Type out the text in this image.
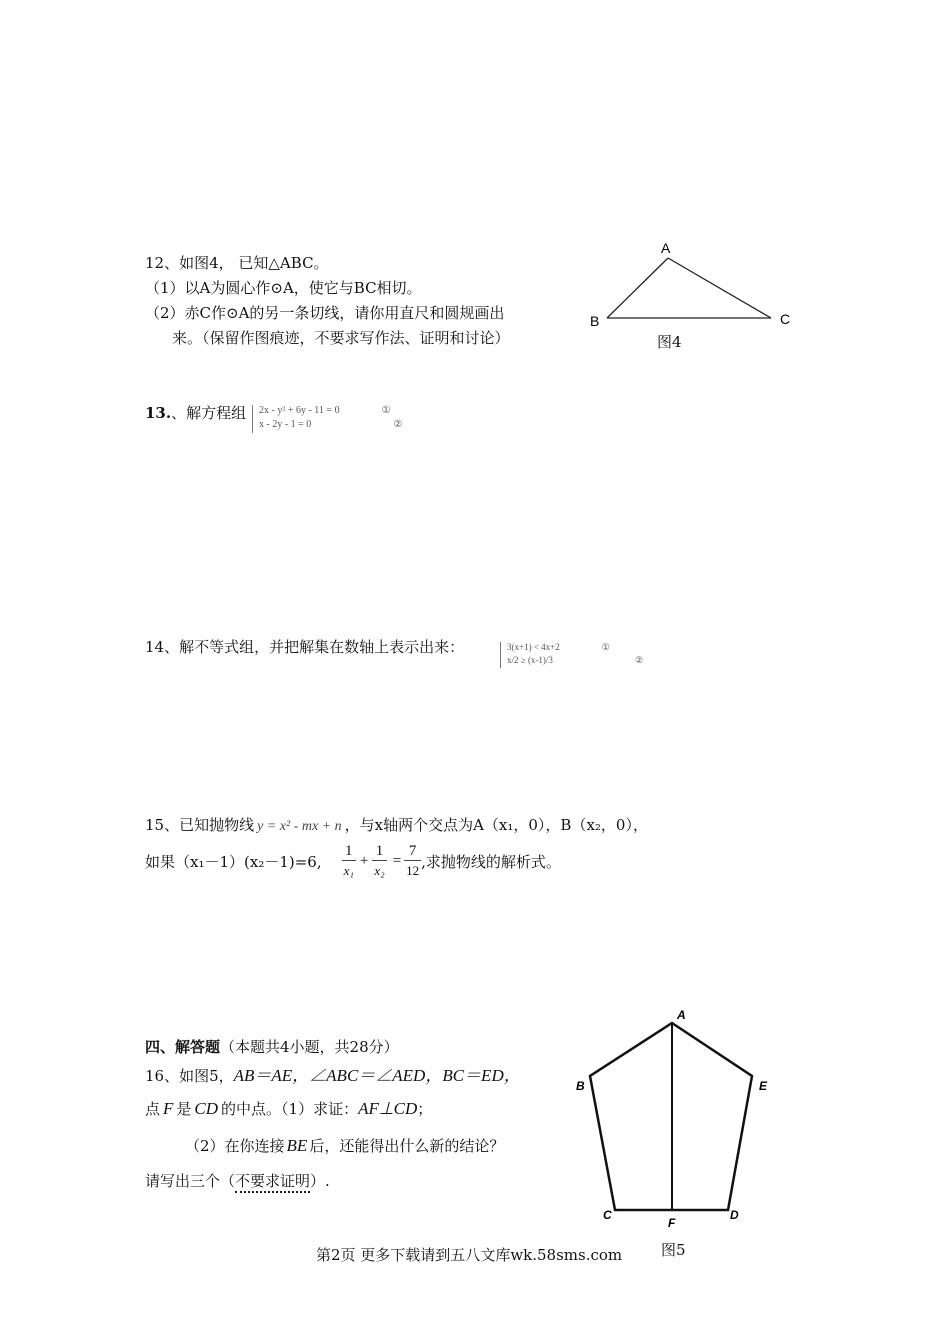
12、如图4， 已知△ABC。
（1）以A为圆心作⊙A，使它与BC相切。
（2）赤C作⊙A的另一条切线，请你用直尺和圆规画出
来。（保留作图痕迹，不要求写作法、证明和讨论）
A
B	C
图4
13.、解方程组 2x - y² + 6y - 11 = 0	①
x - 2y - 1 = 0	②
14、解不等式组，并把解集在数轴上表示出来：	3(x+1) < 4x+2	①
x/2 ≥ (x-1)/3	②
15、已知抛物线 y = x² - mx + n ，与x轴两个交点为A（x₁，0），B（x₂，0），
如果（x₁－1）(x₂－1)=6, $\frac{1}{\text{x₁}} + \frac{1}{\text{x₂}} = \frac{7}{12}$ ,求抛物线的解析式。
四、解答题（本题共4小题，共28分）
16、如图5，AB＝AE，∠ABC＝∠AED，BC＝ED，
点 F 是 CD 的中点。（1）求证：AF⊥CD；
（2）在你连接 BE 后，还能得出什么新的结论？
请写出三个（不要求证明）.
A
B	E
C	D
F
图5
第2页 更多下载请到五八文库wk.58sms.com
